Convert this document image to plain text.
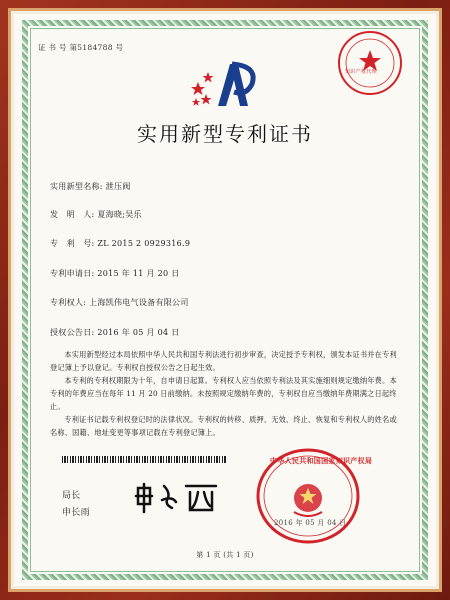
证 书 号 第5184788 号
知识产权代理
实用新型专利证书
实用新型名称: 泄压阀
发　明　人: 夏海晓;吴乐
专　利　号: ZL 2015 2 0929316.9
专利申请日: 2015 年 11 月 20 日
专利权人: 上海凯伟电气设备有限公司
授权公告日: 2016 年 05 月 04 日
本实用新型经过本局依照中华人民共和国专利法进行初步审查，决定授予专利权，颁发本证书并在专利登记簿上予以登记。专利权自授权公告之日起生效。
本专利的专利权期限为十年，自申请日起算。专利权人应当依照专利法及其实施细则规定缴纳年费。本专利的年费应当在每年 11 月 20 日前缴纳。未按照规定缴纳年费的，专利权自应当缴纳年费期满之日起终止。
专利证书记载专利权登记时的法律状况。专利权的转移、质押、无效、终止、恢复和专利权人的姓名或名称、国籍、地址变更等事项记载在专利登记簿上。
局长
申长雨
中华人民共和国国家知识产权局
2016 年 05 月 04 日
第 1 页 (共 1 页)
